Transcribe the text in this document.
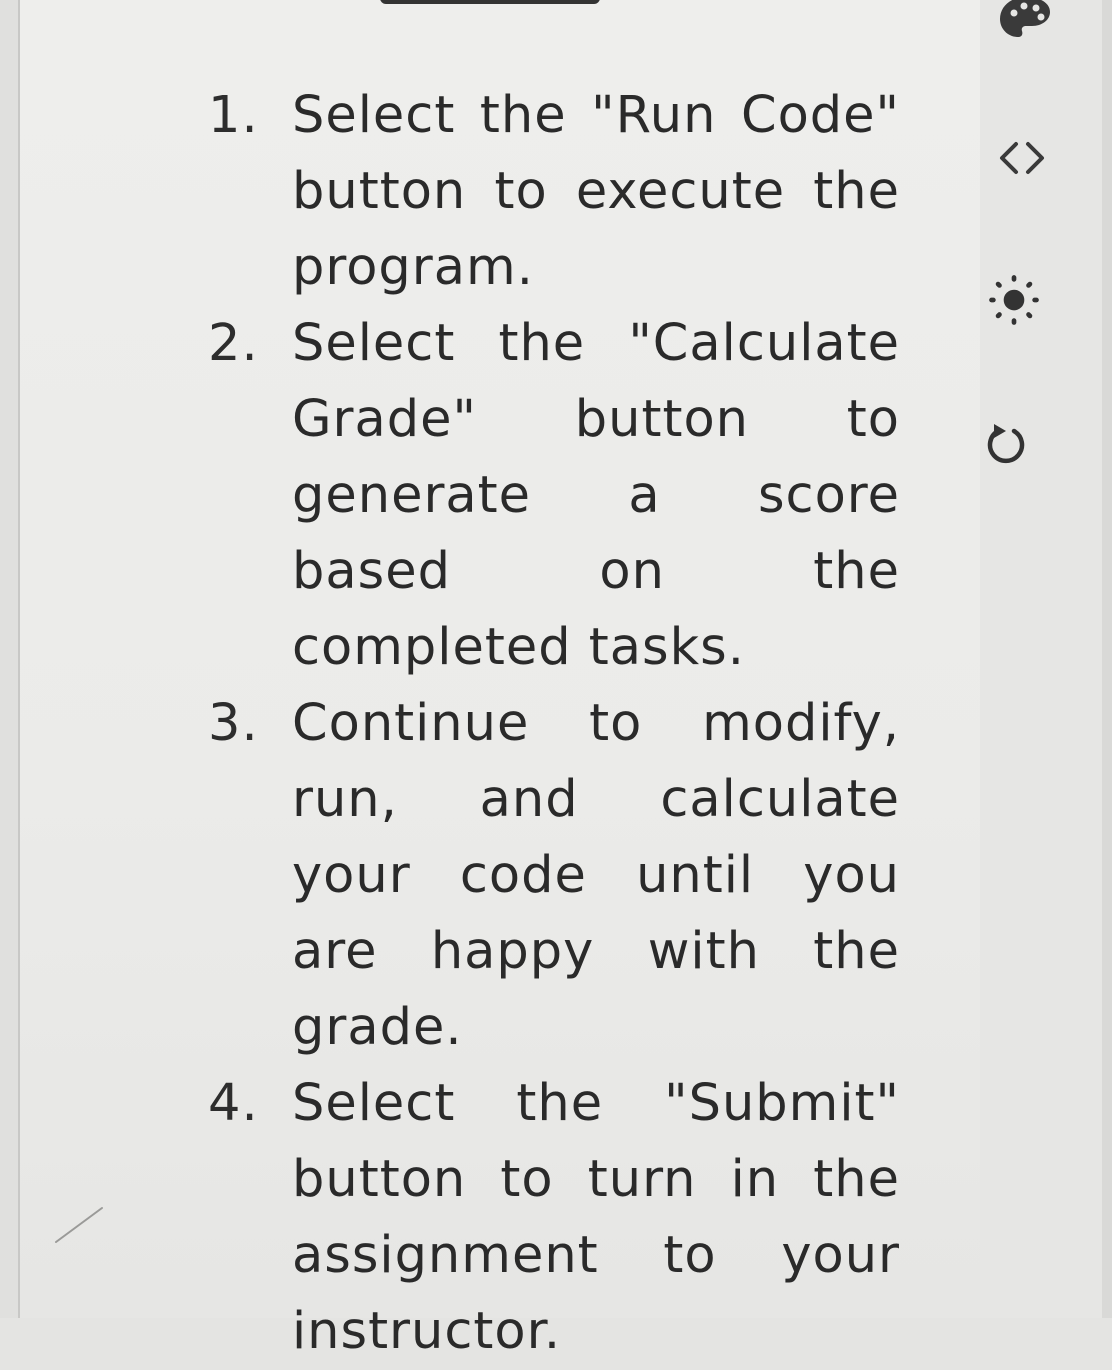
1. Select the "Run Code" button to execute the program.
2. Select the "Calculate Grade" button to generate a score based on the completed tasks.
3. Continue to modify, run, and calculate your code until you are happy with the grade.
4. Select the "Submit" button to turn in the assignment to your instructor.
